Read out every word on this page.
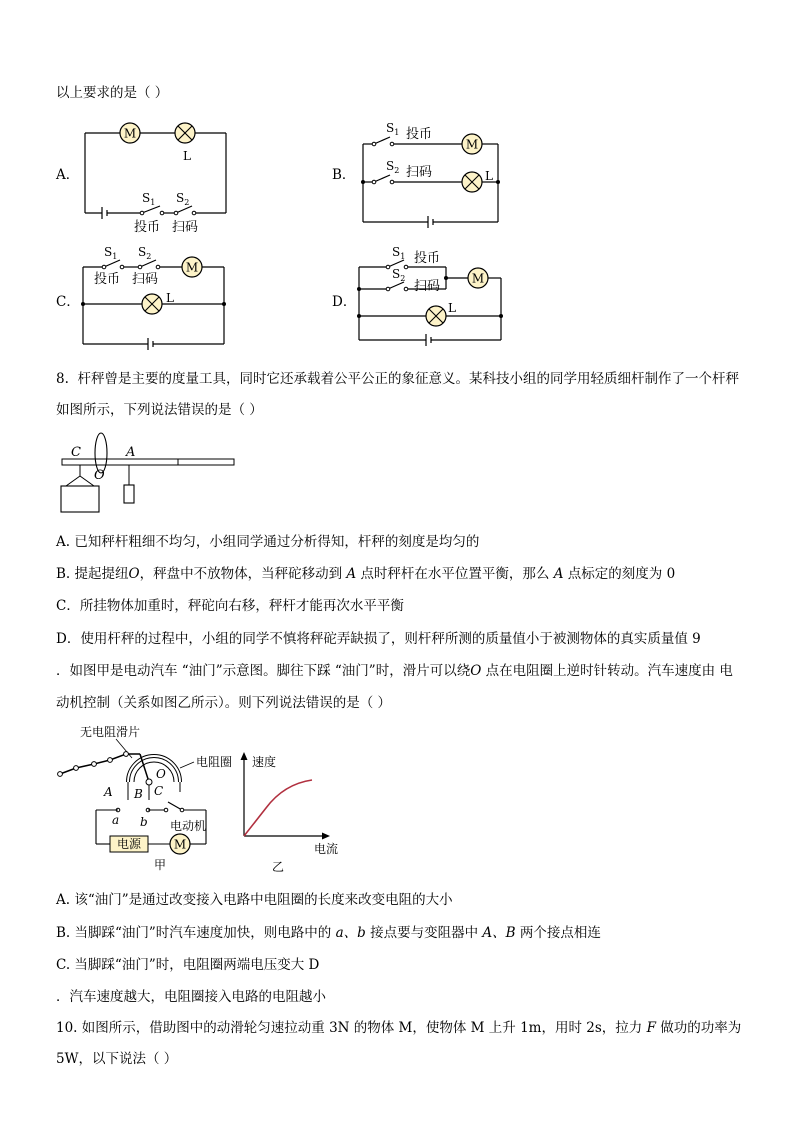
以上要求的是（ ）
A．
M
L
$S_1$ $S_2$
投币 扫码
B．
M
L
$S_1$ 投币
$S_2$ 扫码
C．
M
L
$S_1$ $S_2$
投币 扫码
D．
M
L
$S_1$ 投币
$S_2$
扫码
8. 杆秤曾是主要的度量工具，同时它还承载着公平公正的象征意义。某科技小组的同学用轻质细杆制作了一个杆秤
如图所示，下列说法错误的是（ ）
C
O
A
A. 已知秤杆粗细不均匀，小组同学通过分析得知，杆秤的刻度是均匀的
B. 提起提纽O，秤盘中不放物体，当秤砣移动到 A 点时秤杆在水平位置平衡，那么 A 点标定的刻度为 0
C．所挂物体加重时，秤砣向右移，秤杆才能再次水平平衡
D．使用杆秤的过程中，小组的同学不慎将秤砣弄缺损了，则杆秤所测的质量值小于被测物体的真实质量值 9
．如图甲是电动汽车 “油门”示意图。脚往下踩 “油门”时，滑片可以绕O 点在电阻圈上逆时针转动。汽车速度由 电
动机控制（关系如图乙所示）。则下列说法错误的是（ ）
无电阻滑片
电阻圈
O
A B C
a b
电源	M
电动机
甲
速度
电流
乙
A. 该“油门”是通过改变接入电路中电阻圈的长度来改变电阻的大小
B. 当脚踩“油门”时汽车速度加快，则电路中的 a、b 接点要与变阻器中 A、B 两个接点相连
C. 当脚踩“油门”时，电阻圈两端电压变大 D
．汽车速度越大，电阻圈接入电路的电阻越小
10. 如图所示，借助图中的动滑轮匀速拉动重 3N 的物体 M，使物体 M 上升 1m，用时 2s，拉力 F 做功的功率为
5W，以下说法（ ）
